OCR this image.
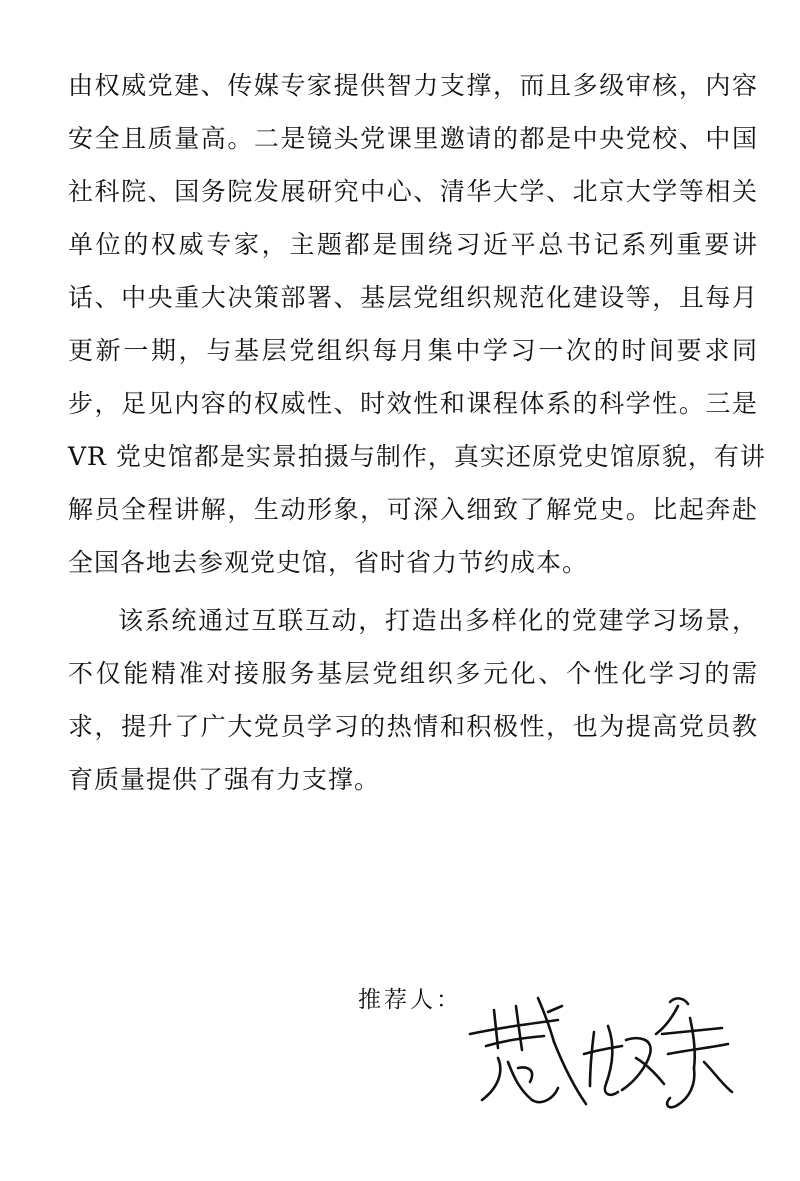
由权威党建、传媒专家提供智力支撑，而且多级审核，内容
安全且质量高。二是镜头党课里邀请的都是中央党校、中国
社科院、国务院发展研究中心、清华大学、北京大学等相关
单位的权威专家，主题都是围绕习近平总书记系列重要讲
话、中央重大决策部署、基层党组织规范化建设等，且每月
更新一期，与基层党组织每月集中学习一次的时间要求同
步，足见内容的权威性、时效性和课程体系的科学性。三是
VR 党史馆都是实景拍摄与制作，真实还原党史馆原貌，有讲
解员全程讲解，生动形象，可深入细致了解党史。比起奔赴
全国各地去参观党史馆，省时省力节约成本。
该系统通过互联互动，打造出多样化的党建学习场景，
不仅能精准对接服务基层党组织多元化、个性化学习的需
求，提升了广大党员学习的热情和积极性，也为提高党员教
育质量提供了强有力支撑。
推荐人：
